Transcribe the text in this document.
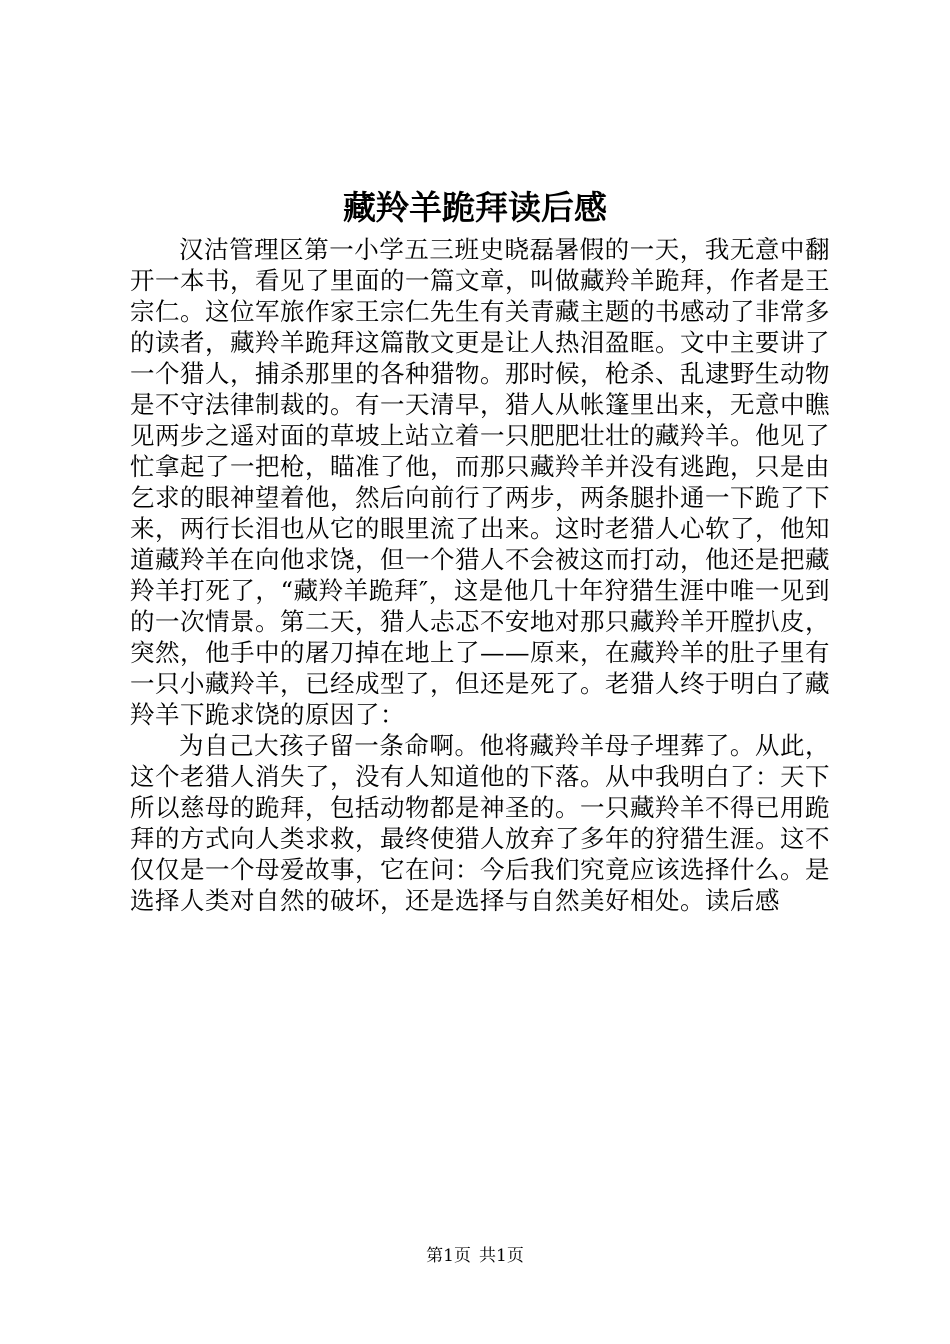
藏羚羊跪拜读后感

汉沽管理区第一小学五三班史晓磊暑假的一天，我无意中翻开一本书，看见了里面的一篇文章，叫做藏羚羊跪拜，作者是王宗仁。这位军旅作家王宗仁先生有关青藏主题的书感动了非常多的读者，藏羚羊跪拜这篇散文更是让人热泪盈眶。文中主要讲了一个猎人，捕杀那里的各种猎物。那时候，枪杀、乱逮野生动物是不守法律制裁的。有一天清早，猎人从帐篷里出来，无意中瞧见两步之遥对面的草坡上站立着一只肥肥壮壮的藏羚羊。他见了忙拿起了一把枪，瞄准了他，而那只藏羚羊并没有逃跑，只是由乞求的眼神望着他，然后向前行了两步，两条腿扑通一下跪了下来，两行长泪也从它的眼里流了出来。这时老猎人心软了，他知道藏羚羊在向他求饶，但一个猎人不会被这而打动，他还是把藏羚羊打死了，“藏羚羊跪拜″，这是他几十年狩猎生涯中唯一见到的一次情景。第二天，猎人忐忑不安地对那只藏羚羊开膛扒皮，突然，他手中的屠刀掉在地上了——原来，在藏羚羊的肚子里有一只小藏羚羊，已经成型了，但还是死了。老猎人终于明白了藏羚羊下跪求饶的原因了：

为自己大孩子留一条命啊。他将藏羚羊母子埋葬了。从此，这个老猎人消失了，没有人知道他的下落。从中我明白了：天下所以慈母的跪拜，包括动物都是神圣的。一只藏羚羊不得已用跪拜的方式向人类求救，最终使猎人放弃了多年的狩猎生涯。这不仅仅是一个母爱故事，它在问：今后我们究竟应该选择什么。是选择人类对自然的破坏，还是选择与自然美好相处。读后感

第1页 共1页
